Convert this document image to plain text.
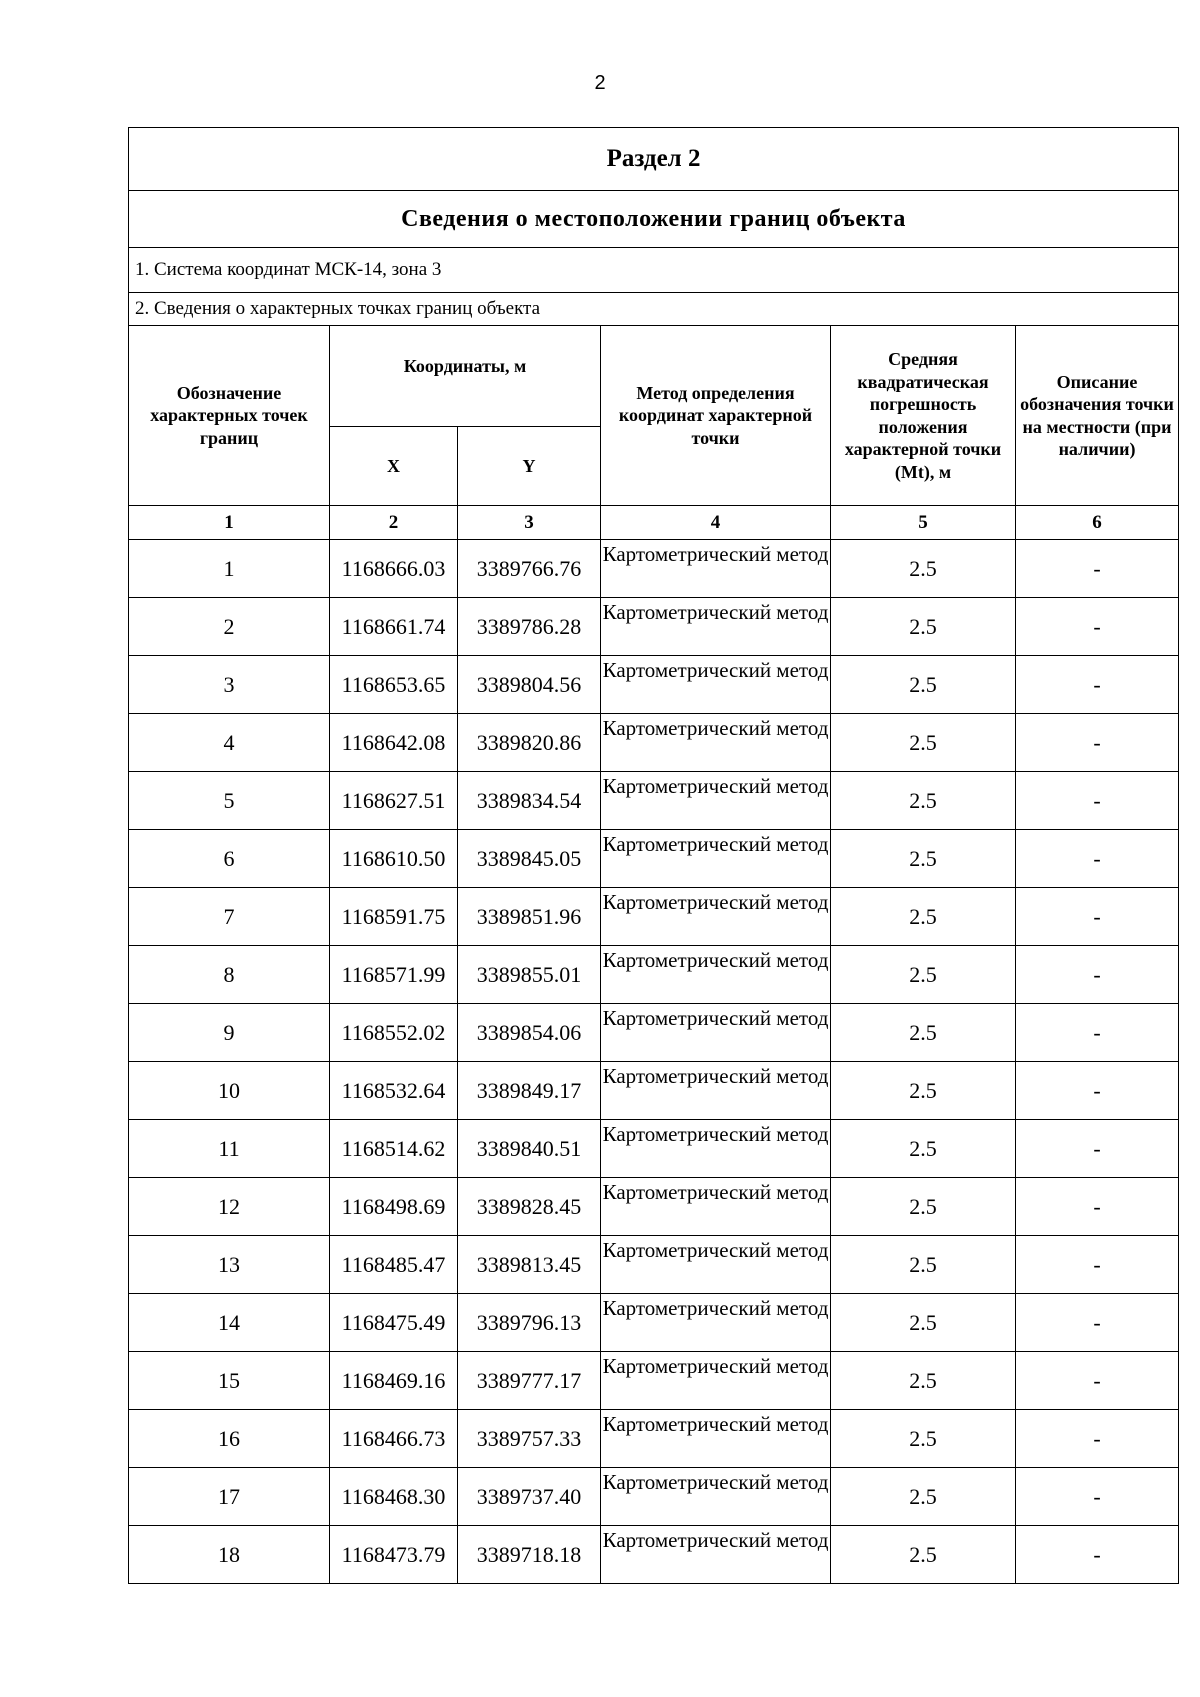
2
Раздел 2					
Сведения о местоположении границ объекта					
1. Система координат МСК-14, зона 3					
2. Сведения о характерных точках границ объекта					
Обозначение характерных точек границ	Координаты, м		Метод определения координат характерной точки	Средняя квадратическая погрешность положения характерной точки (Mt), м	Описание обозначения точки на местности (при наличии)
	X	Y			
1	2	3	4	5	6
1	1168666.03	3389766.76	Картометрический метод	2.5	-
2	1168661.74	3389786.28	Картометрический метод	2.5	-
3	1168653.65	3389804.56	Картометрический метод	2.5	-
4	1168642.08	3389820.86	Картометрический метод	2.5	-
5	1168627.51	3389834.54	Картометрический метод	2.5	-
6	1168610.50	3389845.05	Картометрический метод	2.5	-
7	1168591.75	3389851.96	Картометрический метод	2.5	-
8	1168571.99	3389855.01	Картометрический метод	2.5	-
9	1168552.02	3389854.06	Картометрический метод	2.5	-
10	1168532.64	3389849.17	Картометрический метод	2.5	-
11	1168514.62	3389840.51	Картометрический метод	2.5	-
12	1168498.69	3389828.45	Картометрический метод	2.5	-
13	1168485.47	3389813.45	Картометрический метод	2.5	-
14	1168475.49	3389796.13	Картометрический метод	2.5	-
15	1168469.16	3389777.17	Картометрический метод	2.5	-
16	1168466.73	3389757.33	Картометрический метод	2.5	-
17	1168468.30	3389737.40	Картометрический метод	2.5	-
18	1168473.79	3389718.18	Картометрический метод	2.5	-
